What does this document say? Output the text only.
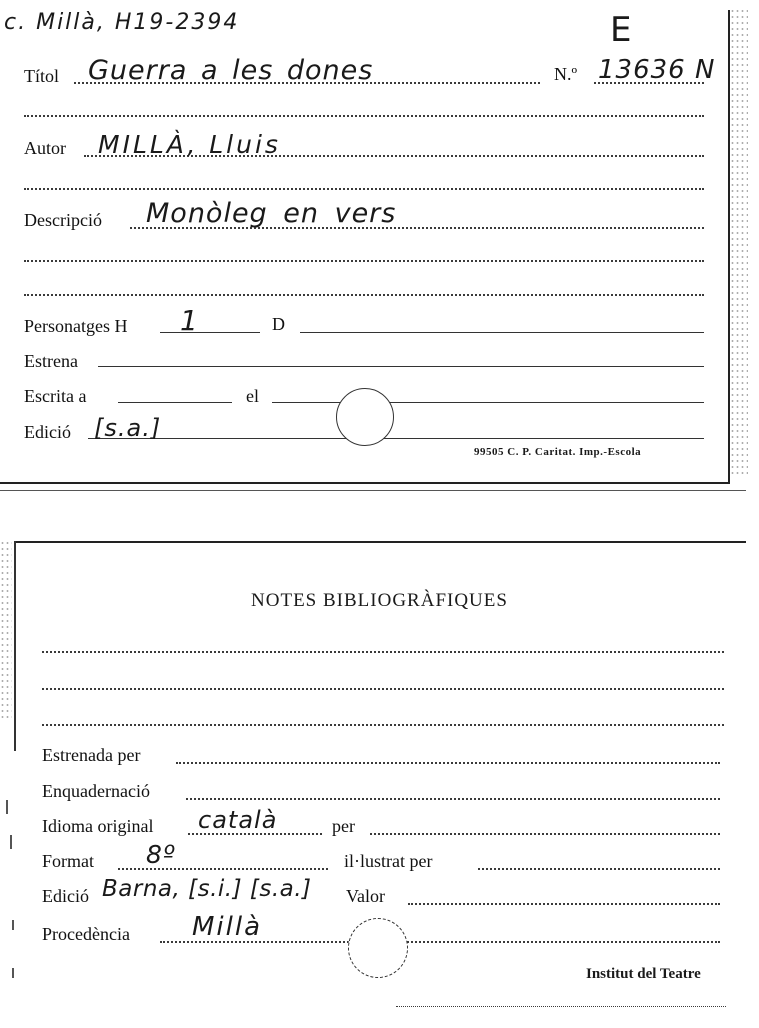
c. Millà, H19-2394	E
Títol Guerra a les dones	N.º 13636 N
Autor MILLÀ, Lluis
Descripció Monòleg en vers
Personatges H 1	D
Estrena
Escrita a	el
Edició [s.a.]
99505 C. P. Caritat. Imp.-Escola
NOTES BIBLIOGRÀFIQUES
Estrenada per
Enquadernació
Idioma original català	per
Format 8º	il·lustrat per
Edició Barna, [s.i.] [s.a.] Valor
Procedència Millà
Institut del Teatre
